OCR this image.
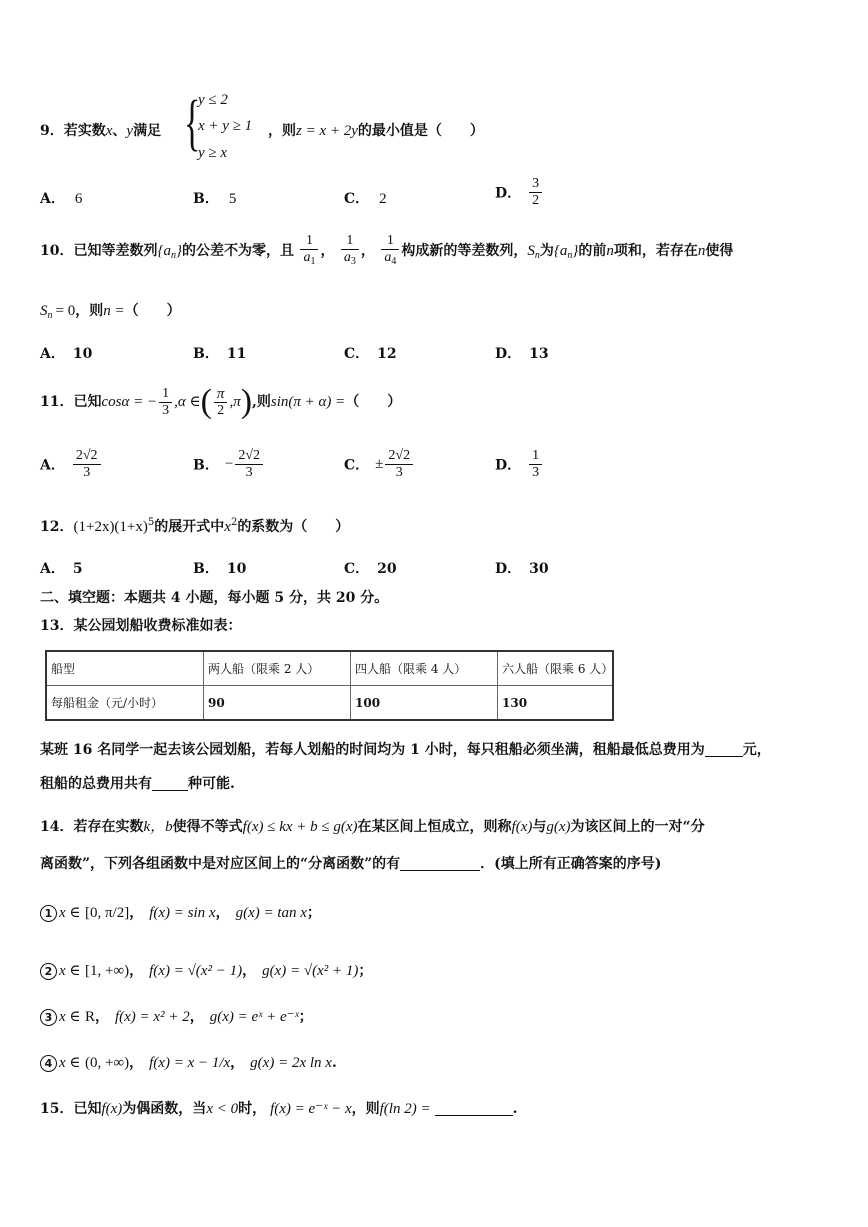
9．若实数x、y满足 {
y ≤ 2
x + y ≥ 1
y ≥ x
，则z = x + 2y的最小值是（　　）
A． 6	B． 5	C． 2	D． $\frac{3}{2}$
10．已知等差数列$\{a_n\}$的公差不为零，且 $\frac{1}{a_1}$ ， $\frac{1}{a_3}$ ， $\frac{1}{a_4}$ 构成新的等差数列，$S_n$为$\{a_n\}$的前n项和，若存在n使得
$S_n = 0$，则n =（　　）
A． 10	B． 11	C． 12	D． 13
11．已知cosα = − $\frac{1}{3} ,\alpha$ ∈( $\frac{\pi}{2} ,\pi$),则sin(π + α) =（　　）
A． $\frac{2√2}{3}$	B． − $\frac{2√2}{3}$	C． ± $\frac{2√2}{3}$	D． $\frac{1}{3}$
12．$(1+2x)(1+x)^5$的展开式中$x^2$的系数为（　　）
A． 5	B． 10	C． 20	D． 30
二、填空题：本题共 4 小题，每小题 5 分，共 20 分。
13．某公园划船收费标准如表：
船型	两人船（限乘 2 人）	四人船（限乘 4 人）	六人船（限乘 6 人）
每船租金（元/小时）	90	100	130
某班 16 名同学一起去该公园划船，若每人划船的时间均为 1 小时，每只租船必须坐满，租船最低总费用为	元，
租船的总费用共有	种可能.
14．若存在实数k，b使得不等式f(x) ≤ kx + b ≤ g(x)在某区间上恒成立，则称f(x)与g(x)为该区间上的一对“分
离函数”，下列各组函数中是对应区间上的“分离函数”的有	．(填上所有正确答案的序号)
1 x ∈ [0, π/2]， f(x) = sin x， g(x) = tan x；
2 x ∈ [1, +∞)， f(x) = √(x² − 1)， g(x) = √(x² + 1)；
3 x ∈ R， f(x) = x² + 2， g(x) = eˣ + e⁻ˣ；
4 x ∈ (0, +∞)， f(x) = x − 1/x， g(x) = 2x ln x.
15．已知f(x)为偶函数，当x < 0时， f(x) = e⁻ˣ − x，则f(ln 2) =	.
